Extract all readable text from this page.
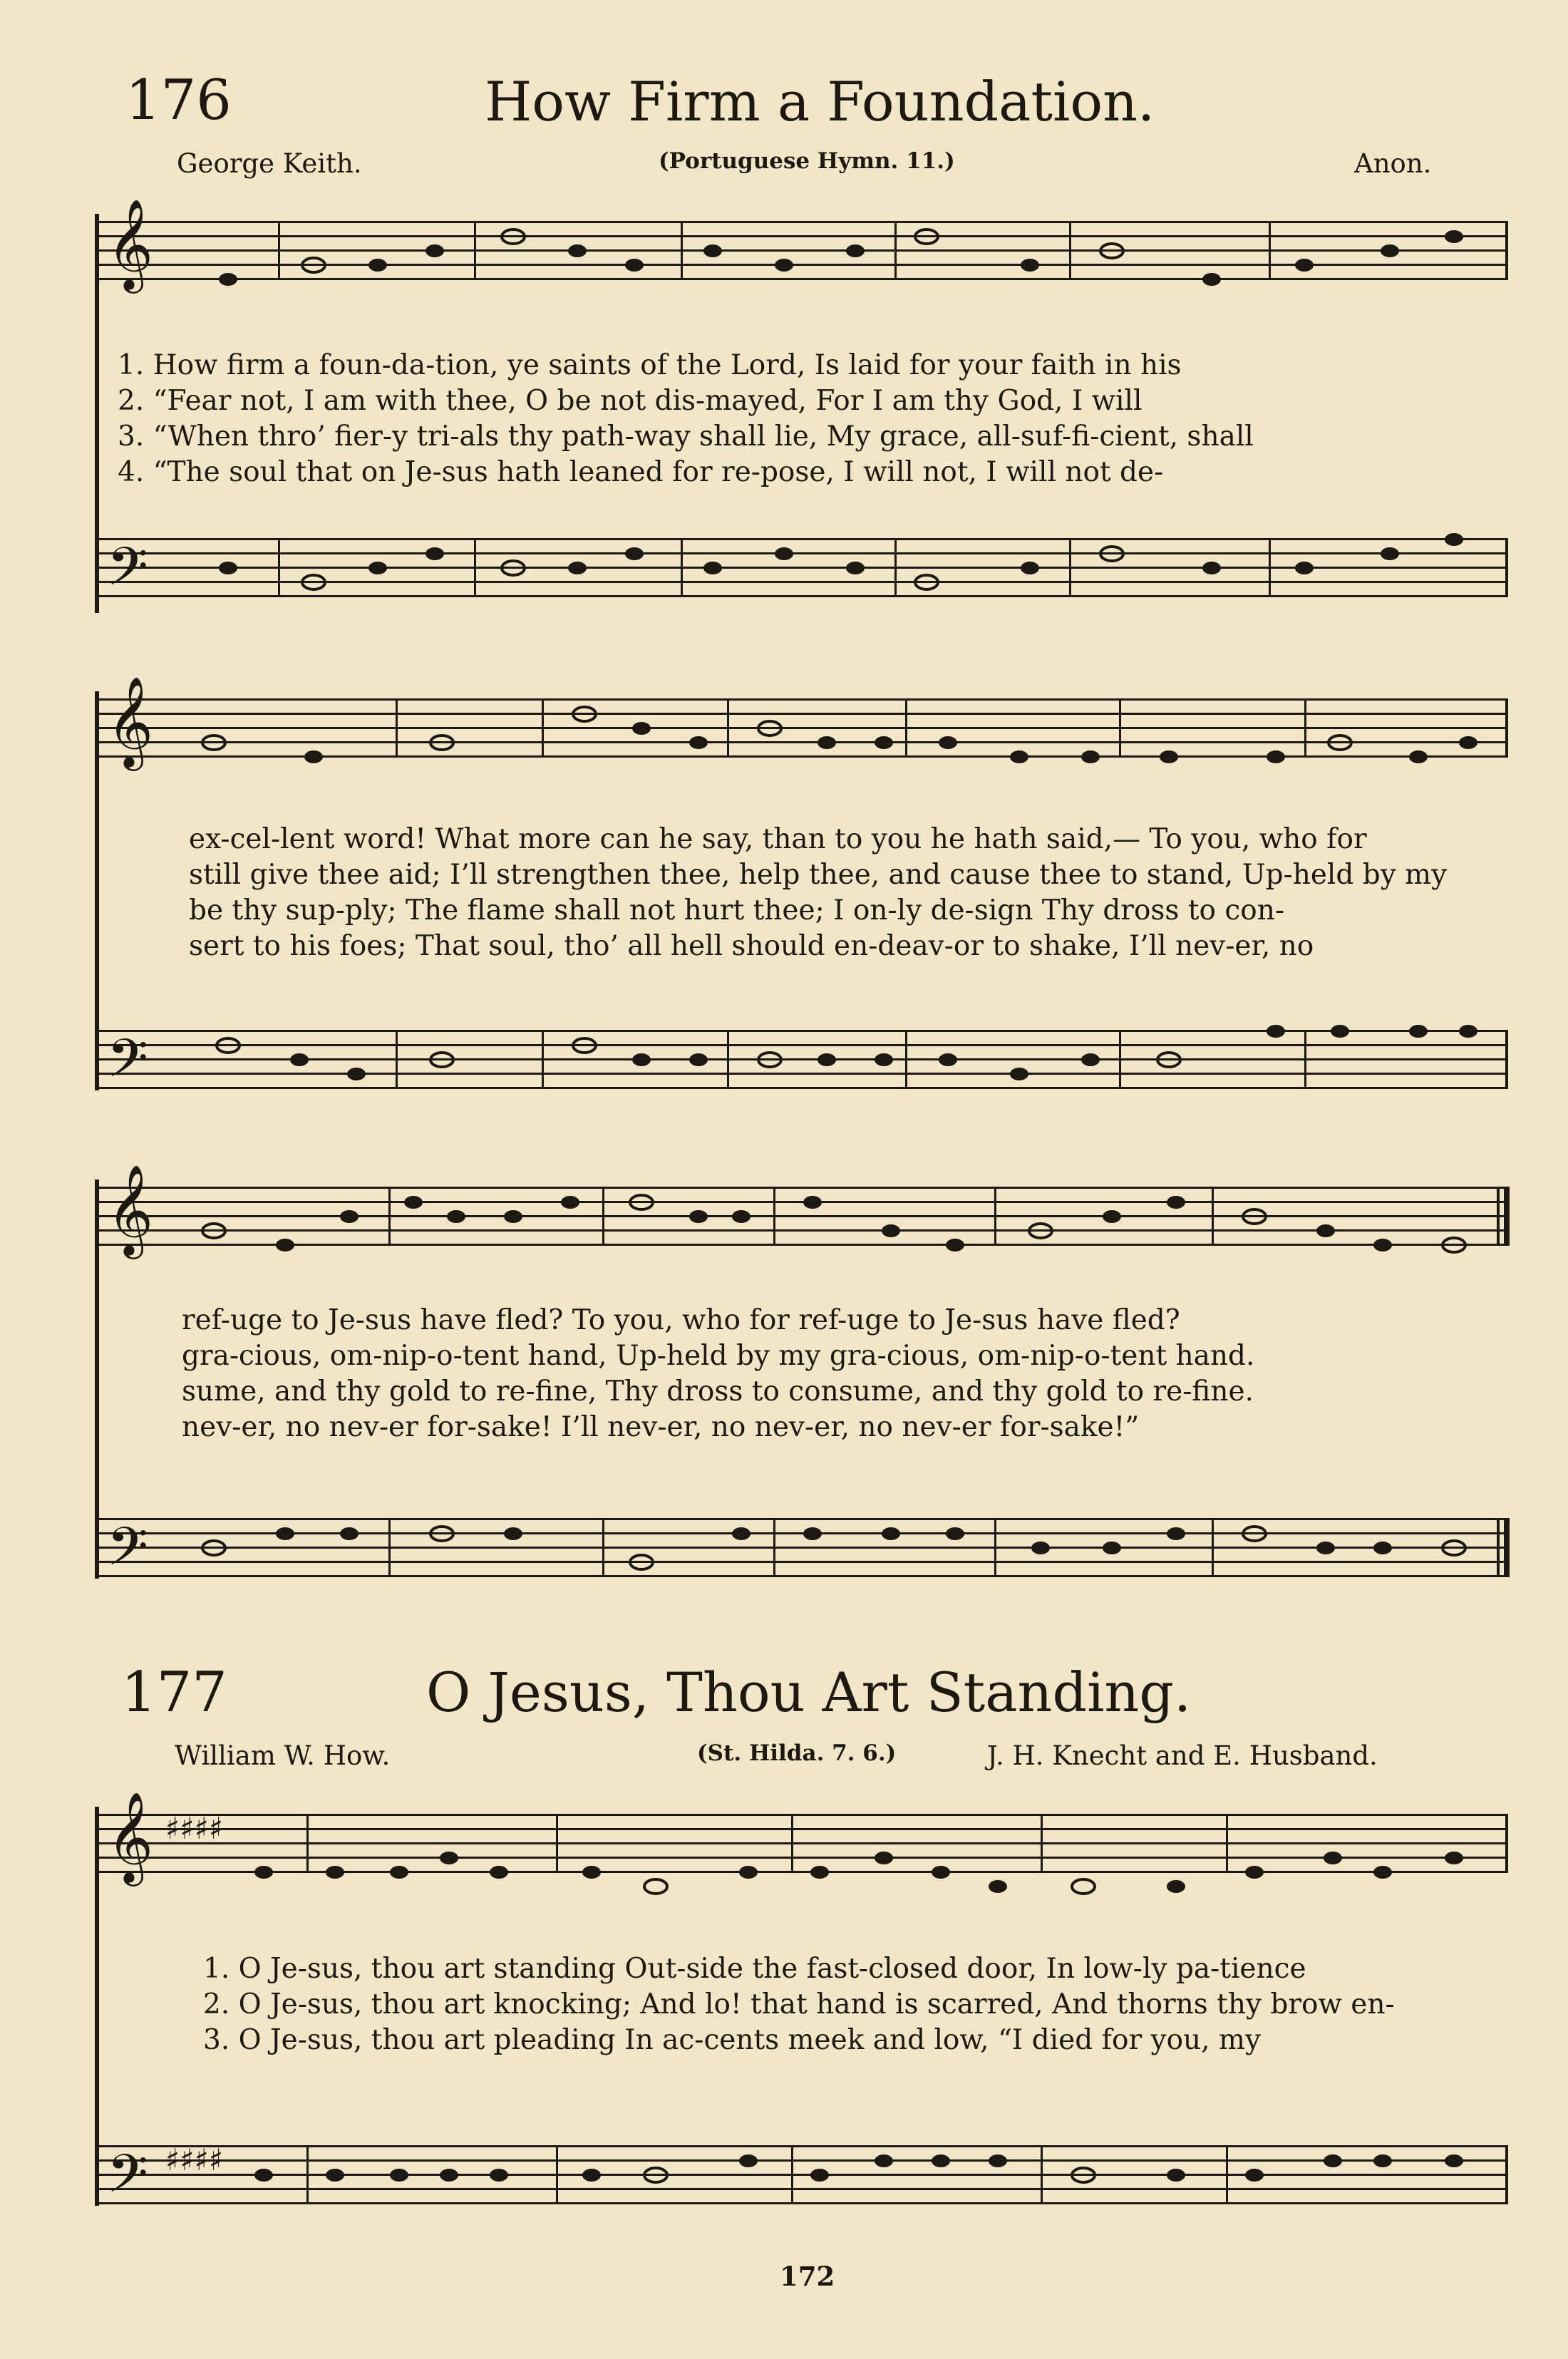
176	How Firm a Foundation.
George Keith.	(Portuguese Hymn. 11.)	Anon.
𝄞
𝄢
𝄞
𝄢
𝄞
𝄢
𝄞
𝄢
♯♯♯♯
♯♯♯♯
1. How firm a foun-da-tion, ye saints of the Lord, Is laid for your faith in his
2. “Fear not, I am with thee, O be not dis-mayed, For I am thy God, I will
3. “When thro’ fier-y tri-als thy path-way shall lie, My grace, all-suf-fi-cient, shall
4. “The soul that on Je-sus hath leaned for re-pose, I will not, I will not de-
ex-cel-lent word! What more can he say, than to you he hath said,— To you, who for
still give thee aid; I’ll strengthen thee, help thee, and cause thee to stand, Up-held by my
be thy sup-ply; The flame shall not hurt thee; I on-ly de-sign Thy dross to con-
sert to his foes; That soul, tho’ all hell should en-deav-or to shake, I’ll nev-er, no
ref-uge to Je-sus have fled? To you, who for ref-uge to Je-sus have fled?
gra-cious, om-nip-o-tent hand, Up-held by my gra-cious, om-nip-o-tent hand.
sume, and thy gold to re-fine, Thy dross to consume, and thy gold to re-fine.
nev-er, no nev-er for-sake! I’ll nev-er, no nev-er, no nev-er for-sake!”
177	O Jesus, Thou Art Standing.
William W. How.	(St. Hilda. 7. 6.)	J. H. Knecht and E. Husband.
1. O Je-sus, thou art standing Out-side the fast-closed door, In low-ly pa-tience
2. O Je-sus, thou art knocking; And lo! that hand is scarred, And thorns thy brow en-
3. O Je-sus, thou art pleading In ac-cents meek and low, “I died for you, my
172
